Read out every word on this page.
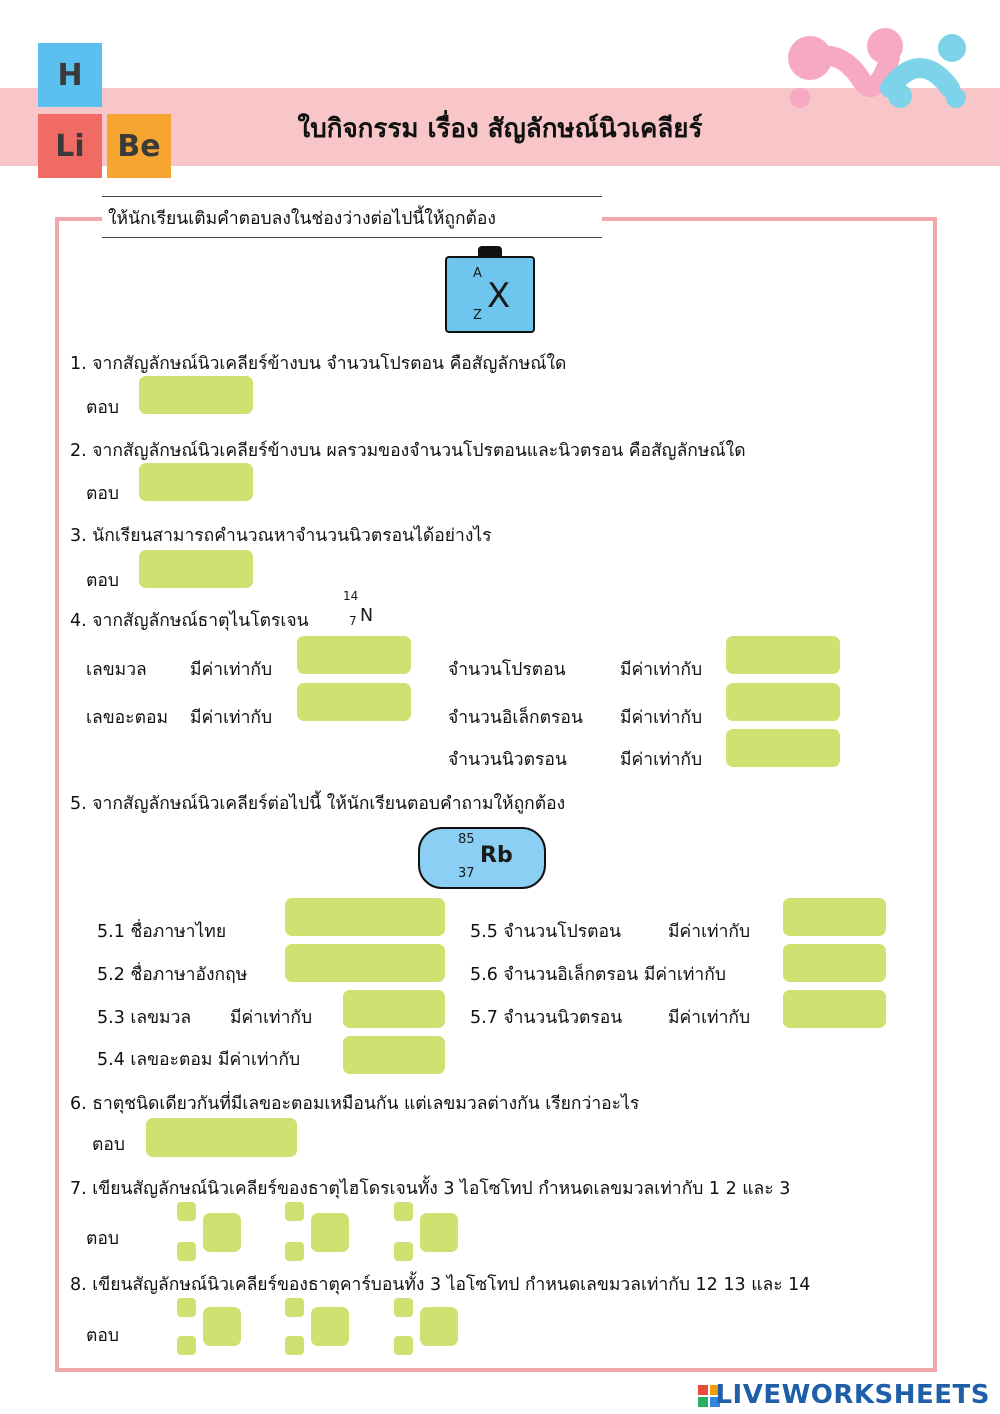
H
Li Be	ใบกิจกรรม เรื่อง สัญลักษณ์นิวเคลียร์
ให้นักเรียนเติมคำตอบลงในช่องว่างต่อไปนี้ให้ถูกต้อง
A
Z X
1. จากสัญลักษณ์นิวเคลียร์ข้างบน จำนวนโปรตอน คือสัญลักษณ์ใด
ตอบ
2. จากสัญลักษณ์นิวเคลียร์ข้างบน ผลรวมของจำนวนโปรตอนและนิวตรอน คือสัญลักษณ์ใด
ตอบ
3. นักเรียนสามารถคำนวณหาจำนวนนิวตรอนได้อย่างไร
ตอบ
4. จากสัญลักษณ์ธาตุไนโตรเจน
14
7 N
เลขมวล มีค่าเท่ากับ
เลขอะตอม มีค่าเท่ากับ
จำนวนโปรตอน	มีค่าเท่ากับ
จำนวนอิเล็กตรอน มีค่าเท่ากับ
จำนวนนิวตรอน	มีค่าเท่ากับ
5. จากสัญลักษณ์นิวเคลียร์ต่อไปนี้ ให้นักเรียนตอบคำถามให้ถูกต้อง
85
37
Rb
5.1 ชื่อภาษาไทย
5.2 ชื่อภาษาอังกฤษ
5.3 เลขมวล มีค่าเท่ากับ
5.4 เลขอะตอม มีค่าเท่ากับ
5.5 จำนวนโปรตอน	มีค่าเท่ากับ
5.6 จำนวนอิเล็กตรอน มีค่าเท่ากับ
5.7 จำนวนนิวตรอน	มีค่าเท่ากับ
6. ธาตุชนิดเดียวกันที่มีเลขอะตอมเหมือนกัน แต่เลขมวลต่างกัน เรียกว่าอะไร
ตอบ
7. เขียนสัญลักษณ์นิวเคลียร์ของธาตุไฮโดรเจนทั้ง 3 ไอโซโทป กำหนดเลขมวลเท่ากับ 1 2 และ 3
ตอบ
8. เขียนสัญลักษณ์นิวเคลียร์ของธาตุคาร์บอนทั้ง 3 ไอโซโทป กำหนดเลขมวลเท่ากับ 12 13 และ 14
ตอบ
LIVEWORKSHEETS
